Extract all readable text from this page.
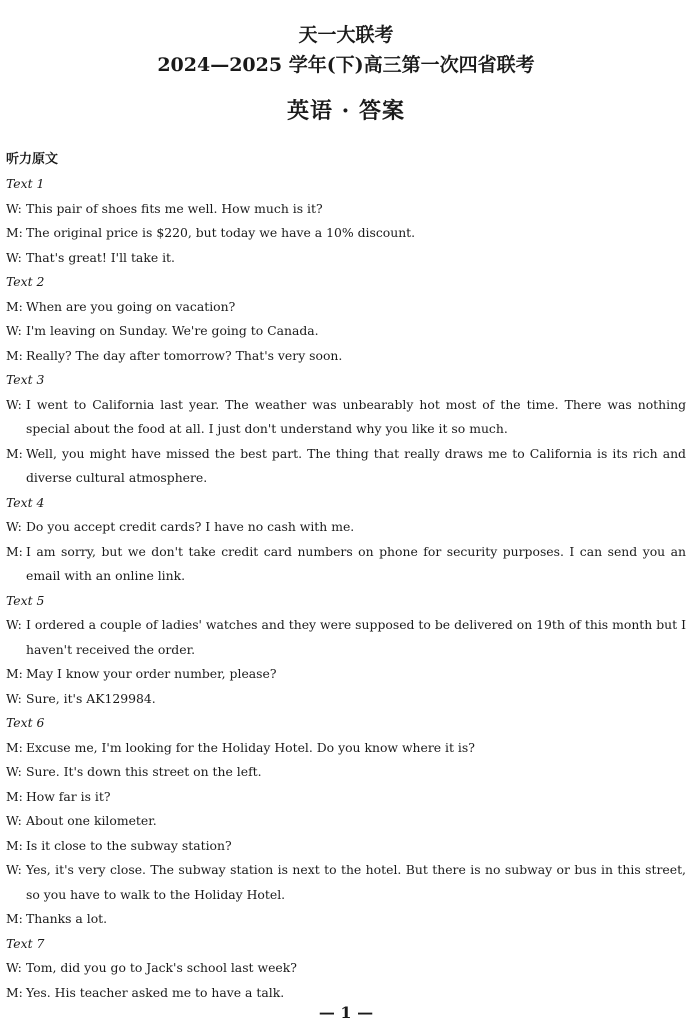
天一大联考
2024—2025 学年(下)高三第一次四省联考
英语 · 答案
听力原文
Text 1
W: This pair of shoes fits me well. How much is it?
M: The original price is $220, but today we have a 10% discount.
W: That's great! I'll take it.
Text 2
M: When are you going on vacation?
W: I'm leaving on Sunday. We're going to Canada.
M: Really? The day after tomorrow? That's very soon.
Text 3
W: I went to California last year. The weather was unbearably hot most of the time. There was nothing special about the food at all. I just don't understand why you like it so much.
M: Well, you might have missed the best part. The thing that really draws me to California is its rich and diverse cultural atmosphere.
Text 4
W: Do you accept credit cards? I have no cash with me.
M: I am sorry, but we don't take credit card numbers on phone for security purposes. I can send you an email with an online link.
Text 5
W: I ordered a couple of ladies' watches and they were supposed to be delivered on 19th of this month but I haven't received the order.
M: May I know your order number, please?
W: Sure, it's AK129984.
Text 6
M: Excuse me, I'm looking for the Holiday Hotel. Do you know where it is?
W: Sure. It's down this street on the left.
M: How far is it?
W: About one kilometer.
M: Is it close to the subway station?
W: Yes, it's very close. The subway station is next to the hotel. But there is no subway or bus in this street, so you have to walk to the Holiday Hotel.
M: Thanks a lot.
Text 7
W: Tom, did you go to Jack's school last week?
M: Yes. His teacher asked me to have a talk.
— 1 —
